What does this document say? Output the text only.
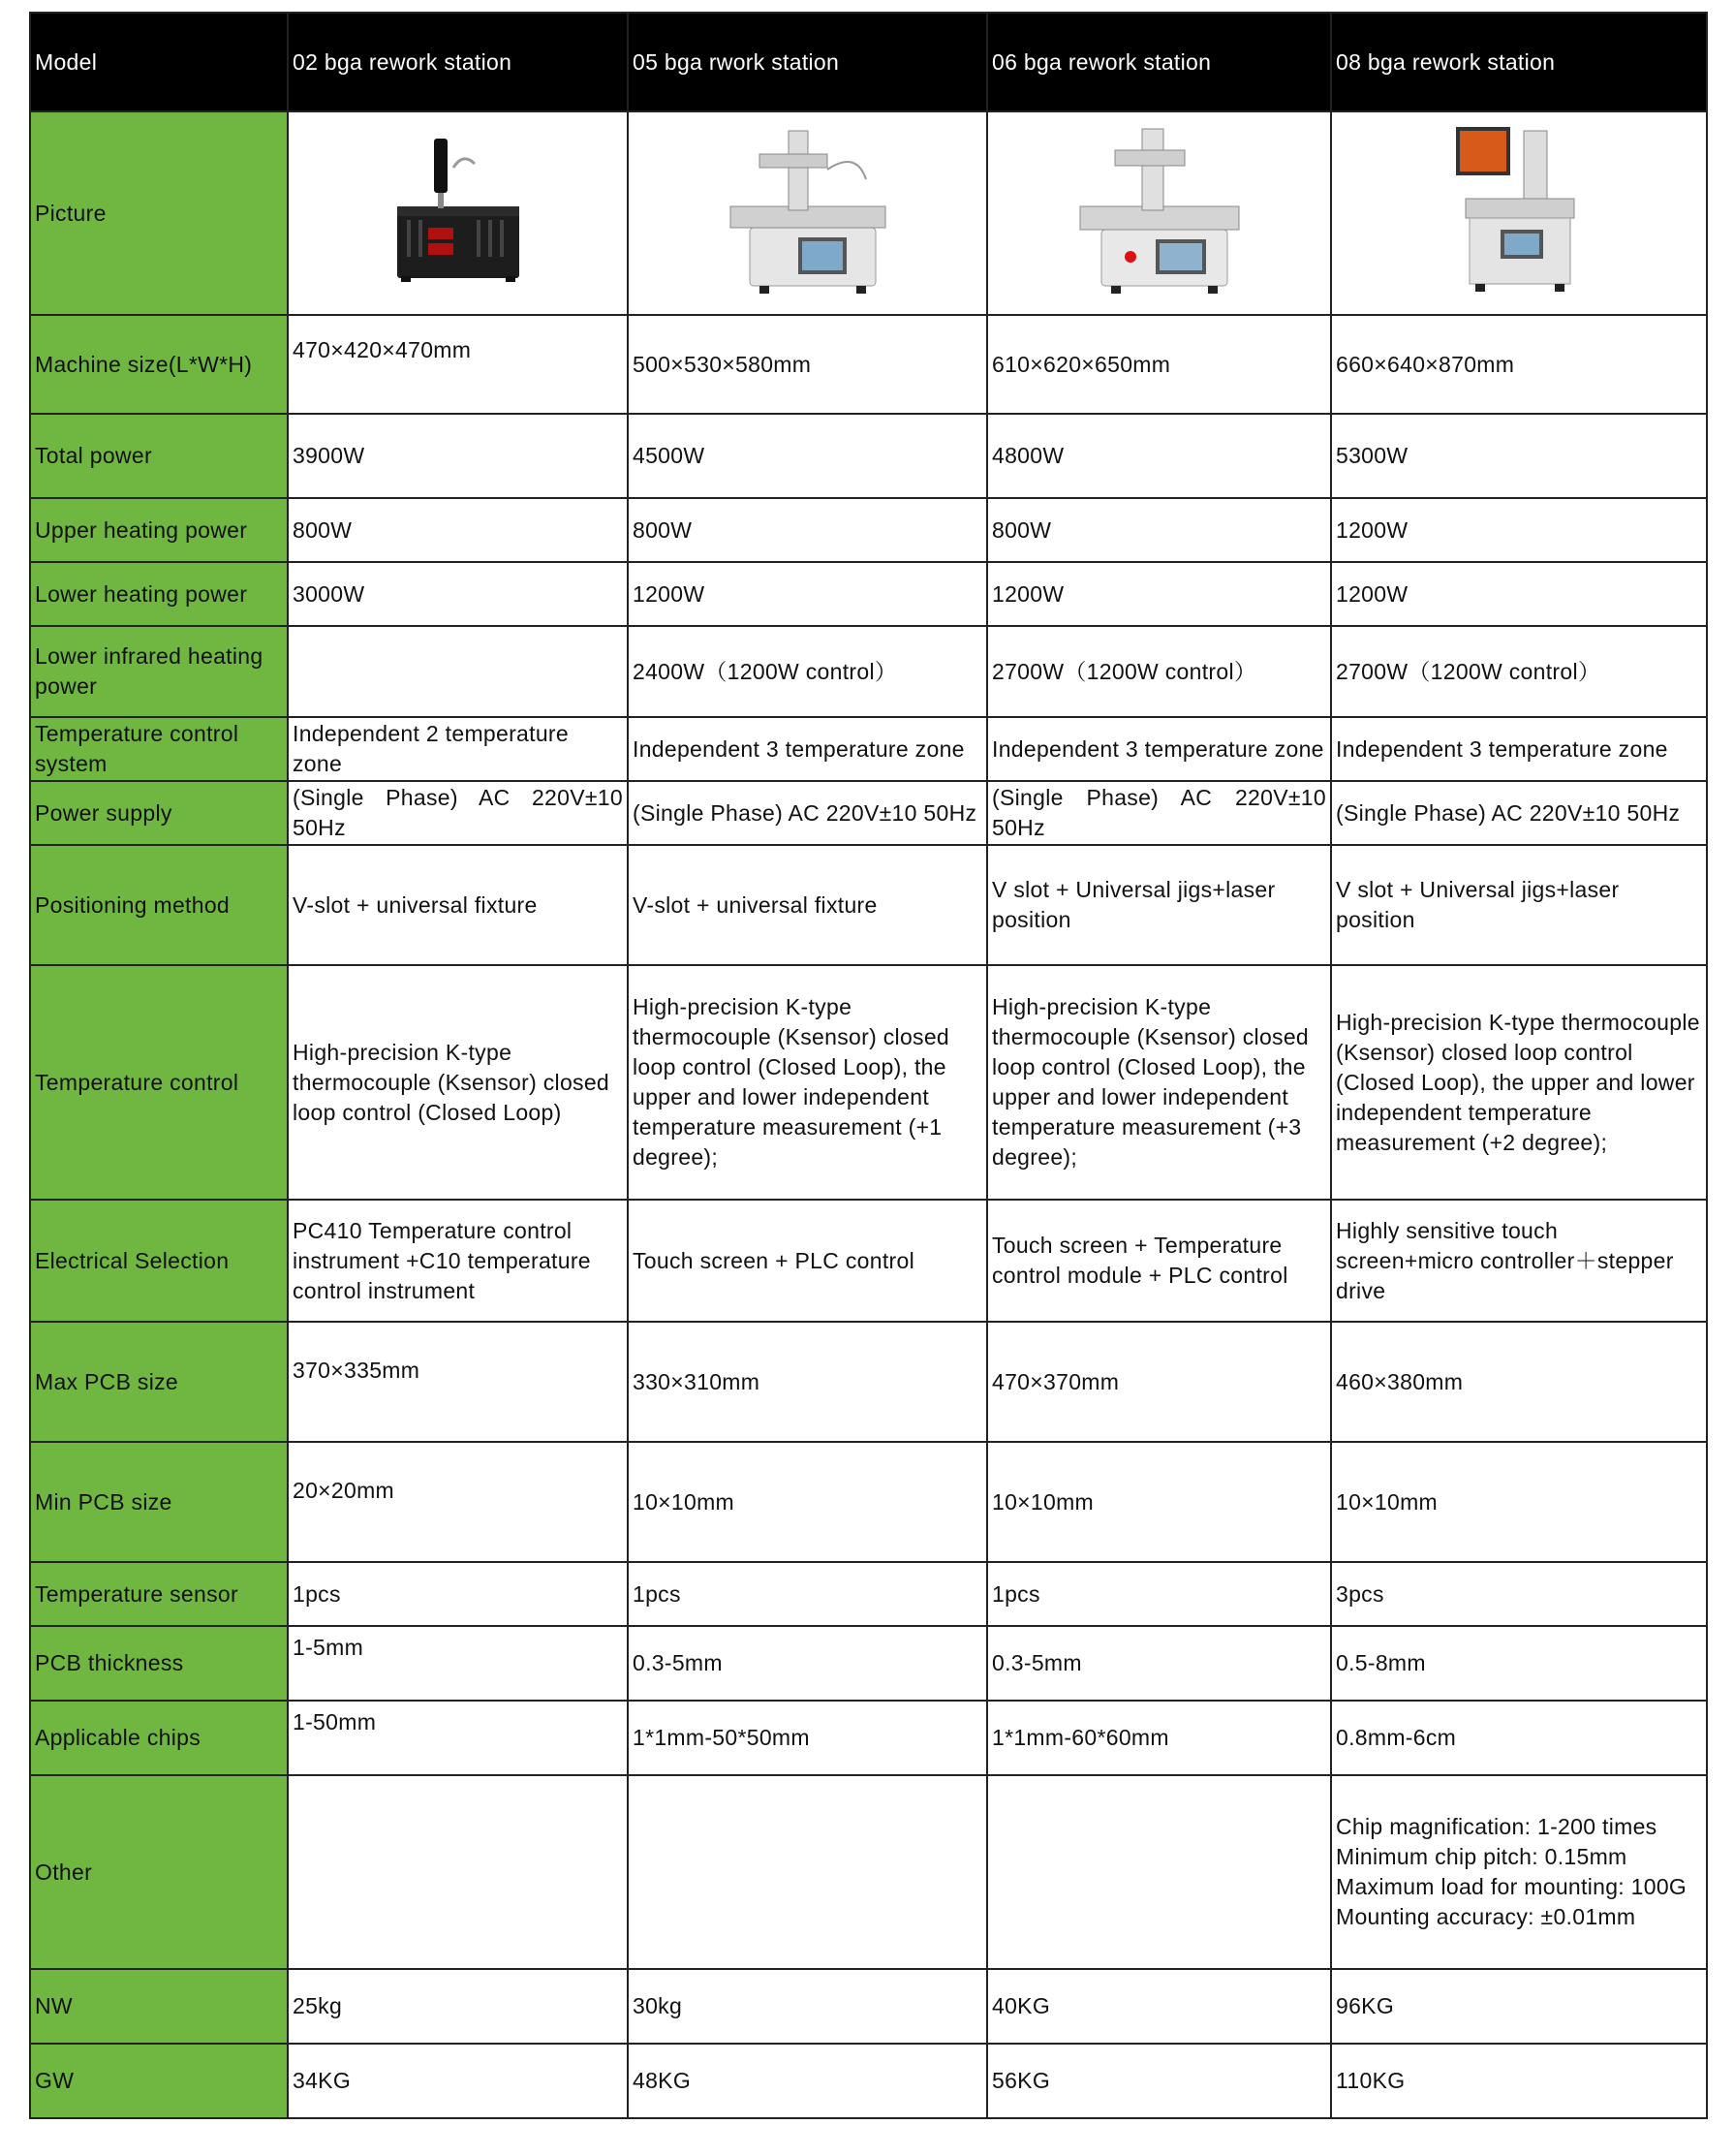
Model	02 bga rework station	05 bga rwork station	06 bga rework station	08 bga rework station
Picture	

Machine size(L*W*H)	470×420×470mm	500×530×580mm	610×620×650mm	660×640×870mm
Total power	3900W	4500W	4800W	5300W
Upper heating power	800W	800W	800W	1200W
Lower heating power	3000W	1200W	1200W	1200W
Lower infrared heating power		2400W（1200W control）	2700W（1200W control）	2700W（1200W control）
Temperature control system	Independent 2 temperature zone	Independent 3 temperature zone	Independent 3 temperature zone	Independent 3 temperature zone
Power supply	(Single Phase) AC 220V±10 50Hz	(Single Phase) AC 220V±10 50Hz	(Single Phase) AC 220V±10 50Hz	(Single Phase) AC 220V±10 50Hz
Positioning method	V-slot + universal fixture	V-slot + universal fixture	V slot + Universal jigs+laser position	V slot + Universal jigs+laser position
Temperature control	High-precision K-type thermocouple (Ksensor) closed loop control (Closed Loop)	High-precision K-type thermocouple (Ksensor) closed loop control (Closed Loop), the upper and lower independent temperature measurement (+1 degree);	High-precision K-type thermocouple (Ksensor) closed loop control (Closed Loop), the upper and lower independent temperature measurement (+3 degree);	High-precision K-type thermocouple (Ksensor) closed loop control (Closed Loop), the upper and lower independent temperature measurement (+2 degree);
Electrical Selection	PC410 Temperature control instrument +C10 temperature control instrument	Touch screen + PLC control	Touch screen + Temperature control module + PLC control	Highly sensitive touch screen+micro controller＋stepper drive
Max PCB size	370×335mm	330×310mm	470×370mm	460×380mm
Min PCB size	20×20mm	10×10mm	10×10mm	10×10mm
Temperature sensor	1pcs	1pcs	1pcs	3pcs
PCB thickness	1-5mm	0.3-5mm	0.3-5mm	0.5-8mm
Applicable chips	1-50mm	1*1mm-50*50mm	1*1mm-60*60mm	0.8mm-6cm
Other				Chip magnification: 1-200 times
Minimum chip pitch: 0.15mm
Maximum load for mounting: 100G
Mounting accuracy: ±0.01mm
NW	25kg	30kg	40KG	96KG
GW	34KG	48KG	56KG	110KG
